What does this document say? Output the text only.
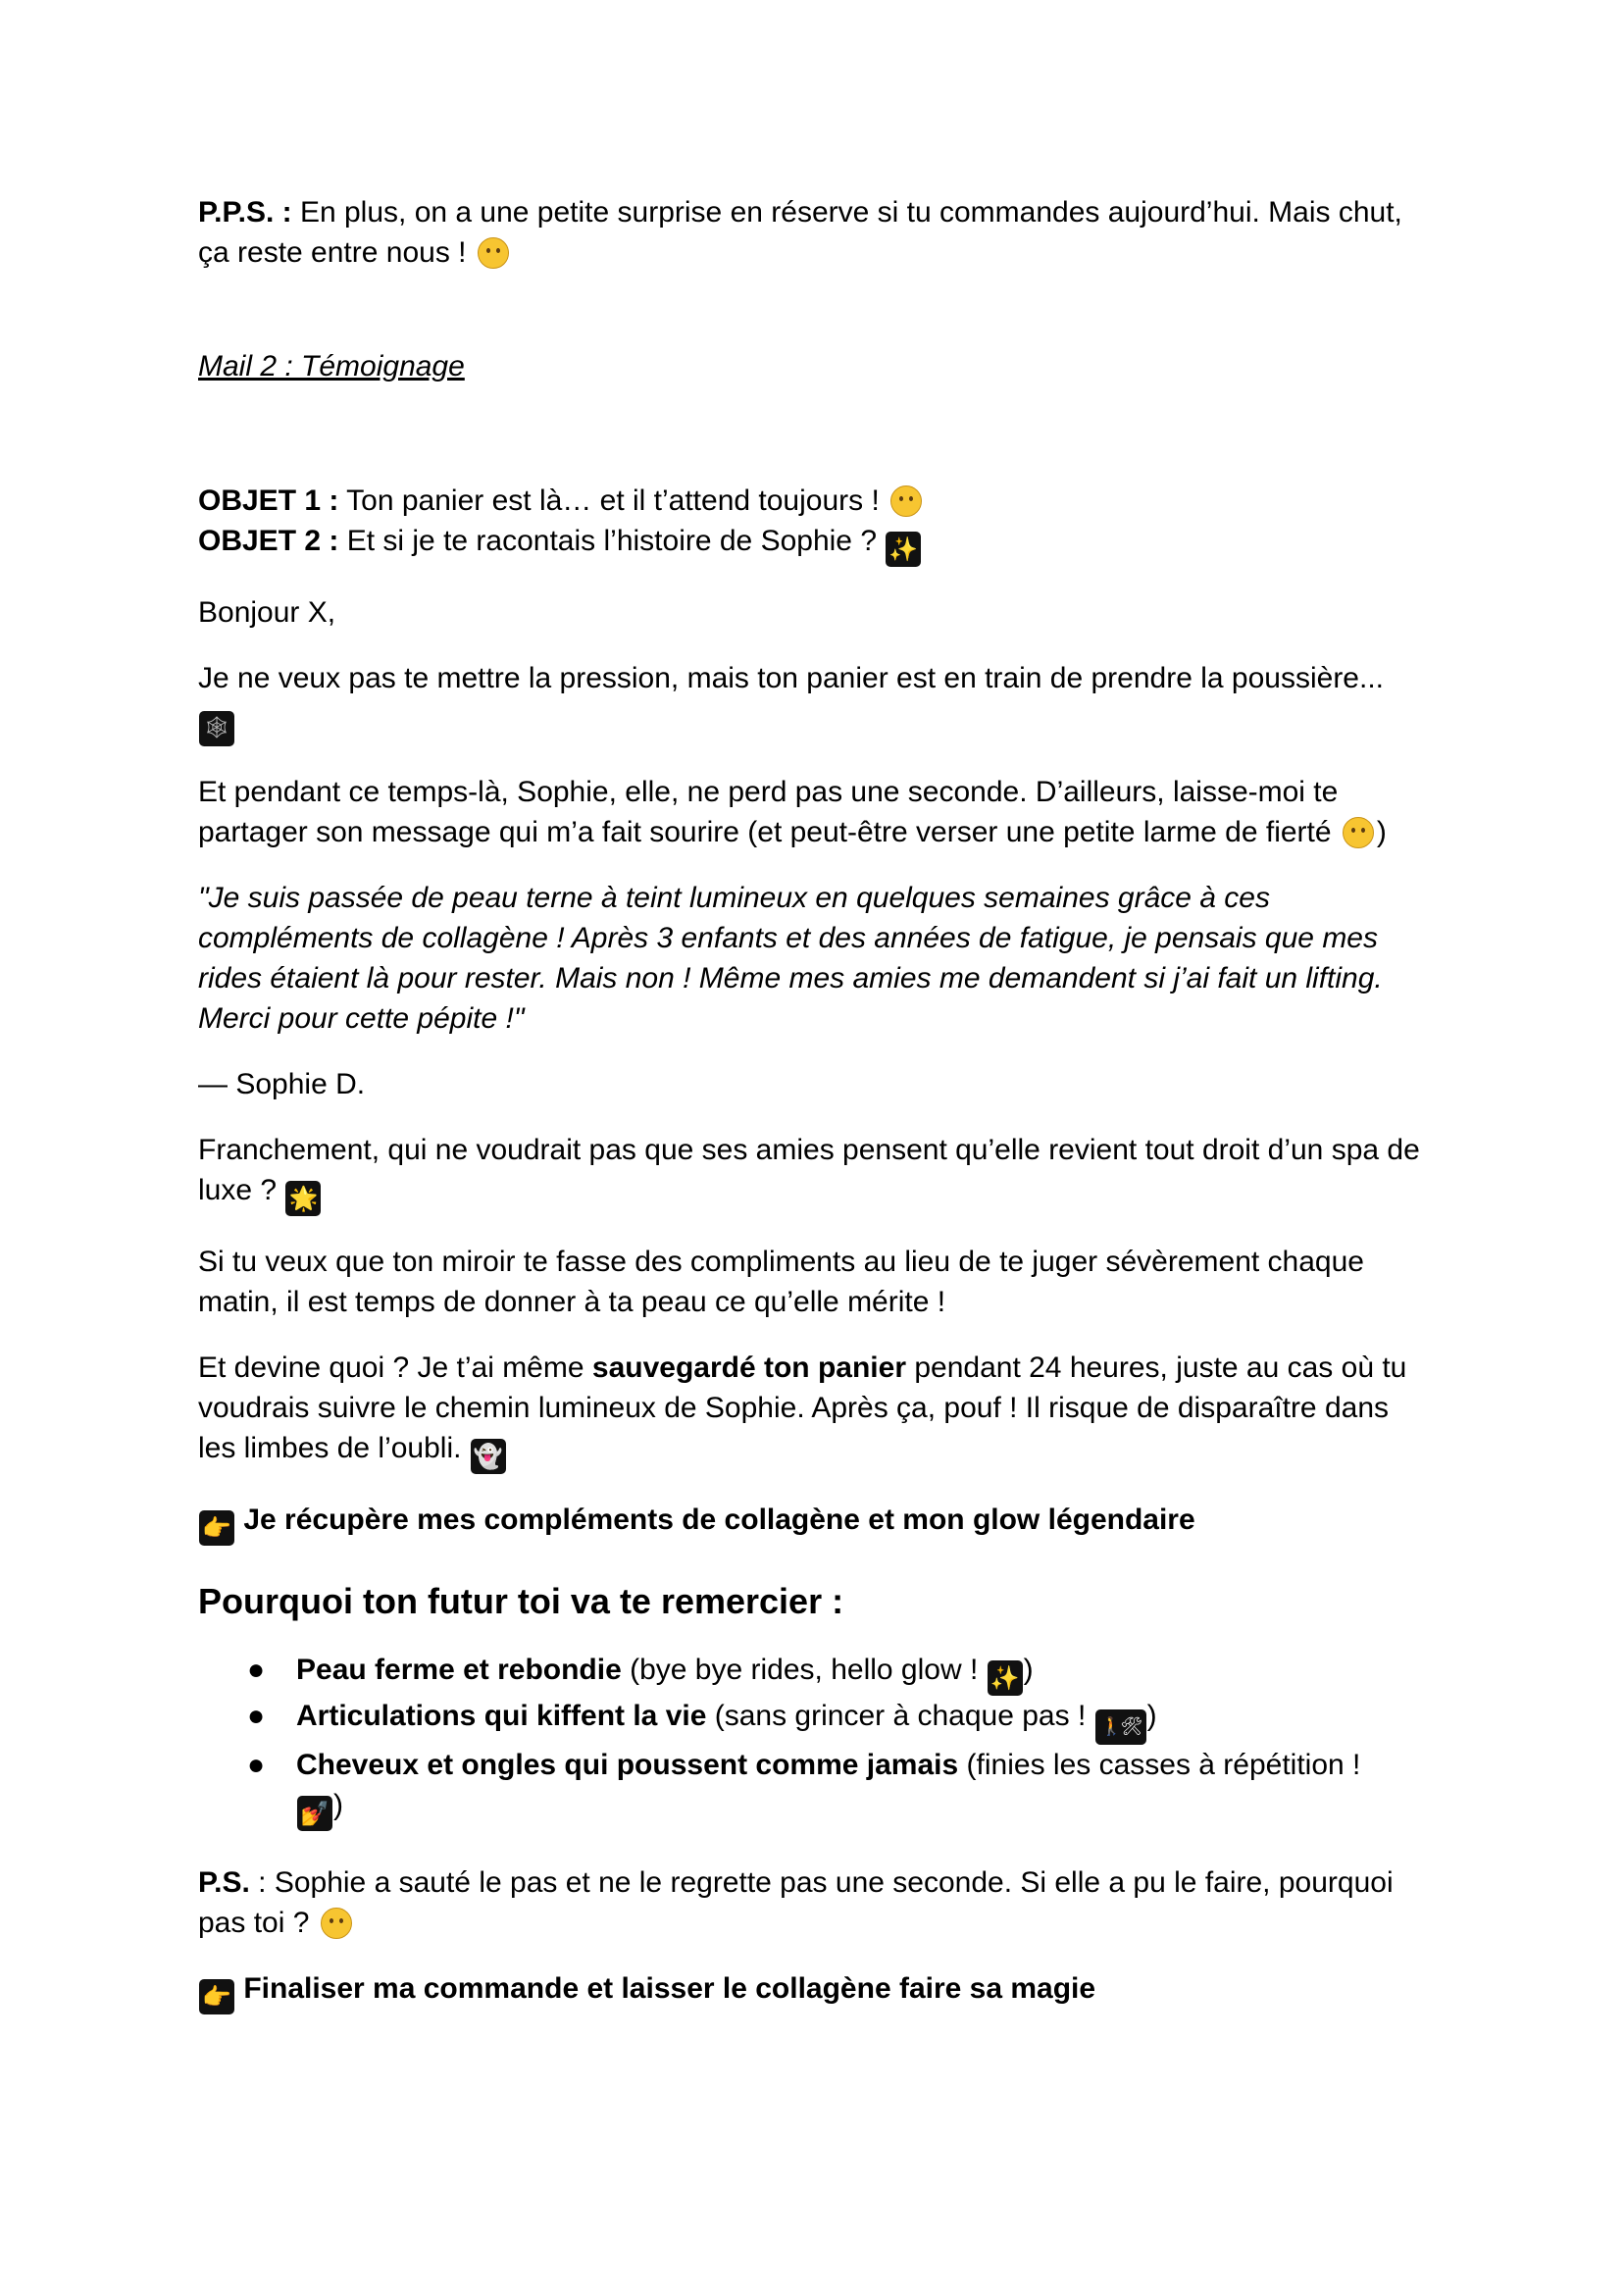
P.P.S. : En plus, on a une petite surprise en réserve si tu commandes aujourd’hui. Mais chut, ça reste entre nous !

Mail 2 : Témoignage

OBJET 1 : Ton panier est là… et il t’attend toujours !

OBJET 2 : Et si je te racontais l’histoire de Sophie ? ✨

Bonjour X,

Je ne veux pas te mettre la pression, mais ton panier est en train de prendre la poussière...
🕸

Et pendant ce temps-là, Sophie, elle, ne perd pas une seconde. D’ailleurs, laisse-moi te partager son message qui m’a fait sourire (et peut-être verser une petite larme de fierté )

"Je suis passée de peau terne à teint lumineux en quelques semaines grâce à ces compléments de collagène ! Après 3 enfants et des années de fatigue, je pensais que mes rides étaient là pour rester. Mais non ! Même mes amies me demandent si j’ai fait un lifting. Merci pour cette pépite !"

— Sophie D.

Franchement, qui ne voudrait pas que ses amies pensent qu’elle revient tout droit d’un spa de luxe ? 🌟

Si tu veux que ton miroir te fasse des compliments au lieu de te juger sévèrement chaque matin, il est temps de donner à ta peau ce qu’elle mérite !

Et devine quoi ? Je t’ai même sauvegardé ton panier pendant 24 heures, juste au cas où tu voudrais suivre le chemin lumineux de Sophie. Après ça, pouf ! Il risque de disparaître dans les limbes de l’oubli. 👻

👉 Je récupère mes compléments de collagène et mon glow légendaire

Pourquoi ton futur toi va te remercier :
● Peau ferme et rebondie (bye bye rides, hello glow ! ✨ )
● Articulations qui kiffent la vie (sans grincer à chaque pas ! 🚶🛠 )
● Cheveux et ongles qui poussent comme jamais (finies les casses à répétition !
💅 )

P.S. : Sophie a sauté le pas et ne le regrette pas une seconde. Si elle a pu le faire, pourquoi pas toi ?

👉 Finaliser ma commande et laisser le collagène faire sa magie
